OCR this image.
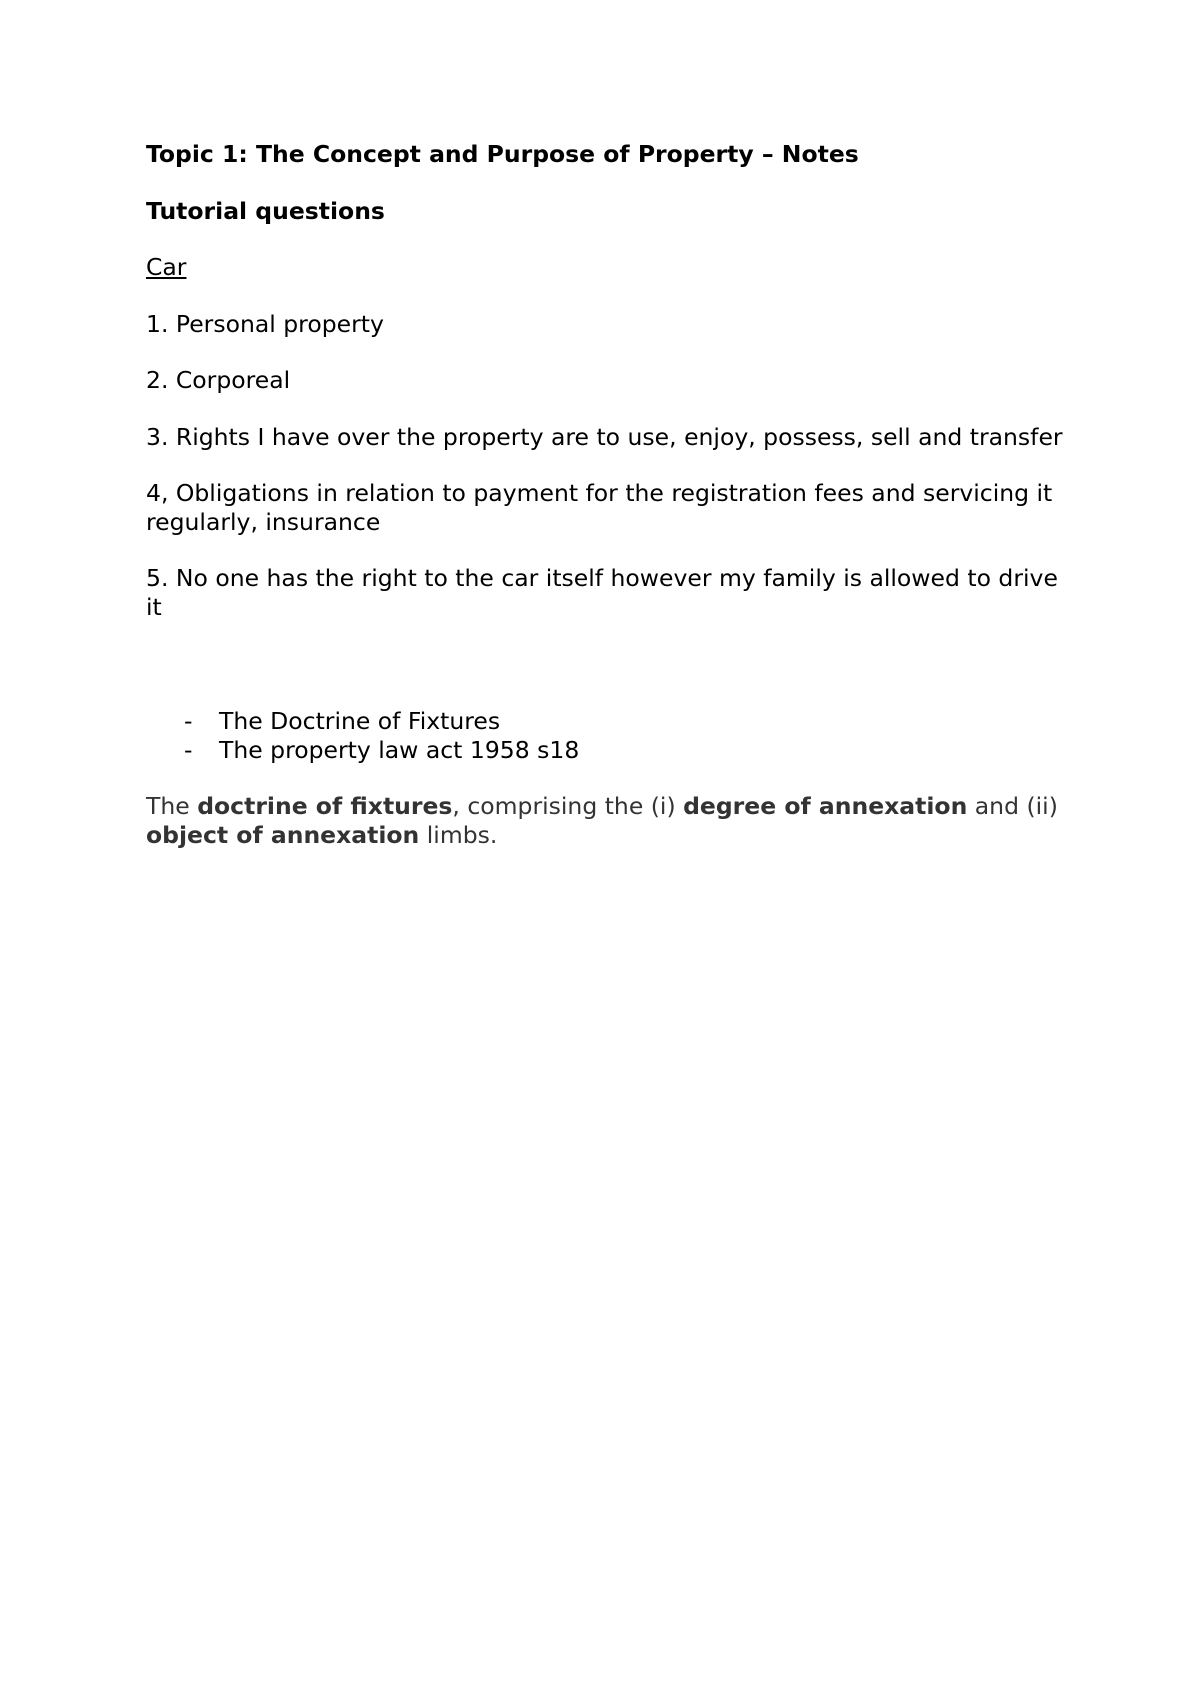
Topic 1: The Concept and Purpose of Property – Notes

Tutorial questions

Car

1. Personal property

2. Corporeal

3. Rights I have over the property are to use, enjoy, possess, sell and transfer

4, Obligations in relation to payment for the registration fees and servicing it regularly, insurance

5. No one has the right to the car itself however my family is allowed to drive it

- The Doctrine of Fixtures
- The property law act 1958 s18

The doctrine of fixtures, comprising the (i) degree of annexation and (ii) object of annexation limbs.
